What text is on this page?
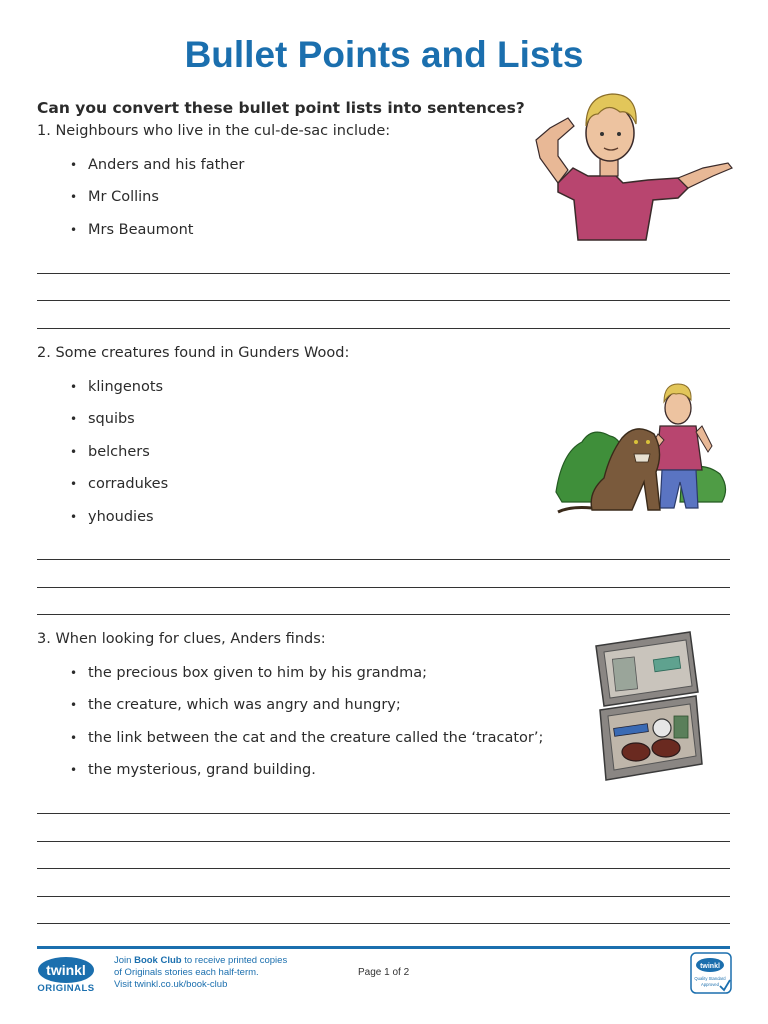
Bullet Points and Lists
Can you convert these bullet point lists into sentences?
1. Neighbours who live in the cul-de-sac include:
• Anders and his father
• Mr Collins
• Mrs Beaumont
2. Some creatures found in Gunders Wood:
• klingenots
• squibs
• belchers
• corradukes
• yhoudies
3. When looking for clues, Anders finds:
• the precious box given to him by his grandma;
• the creature, which was angry and hungry;
• the link between the cat and the creature called the ‘tracator’;
• the mysterious, grand building.
twinkl
ORIGINALS
Join Book Club to receive printed copies
of Originals stories each half-term.
Visit twinkl.co.uk/book-club
Page 1 of 2
twinkl
Quality Standard
Approved
